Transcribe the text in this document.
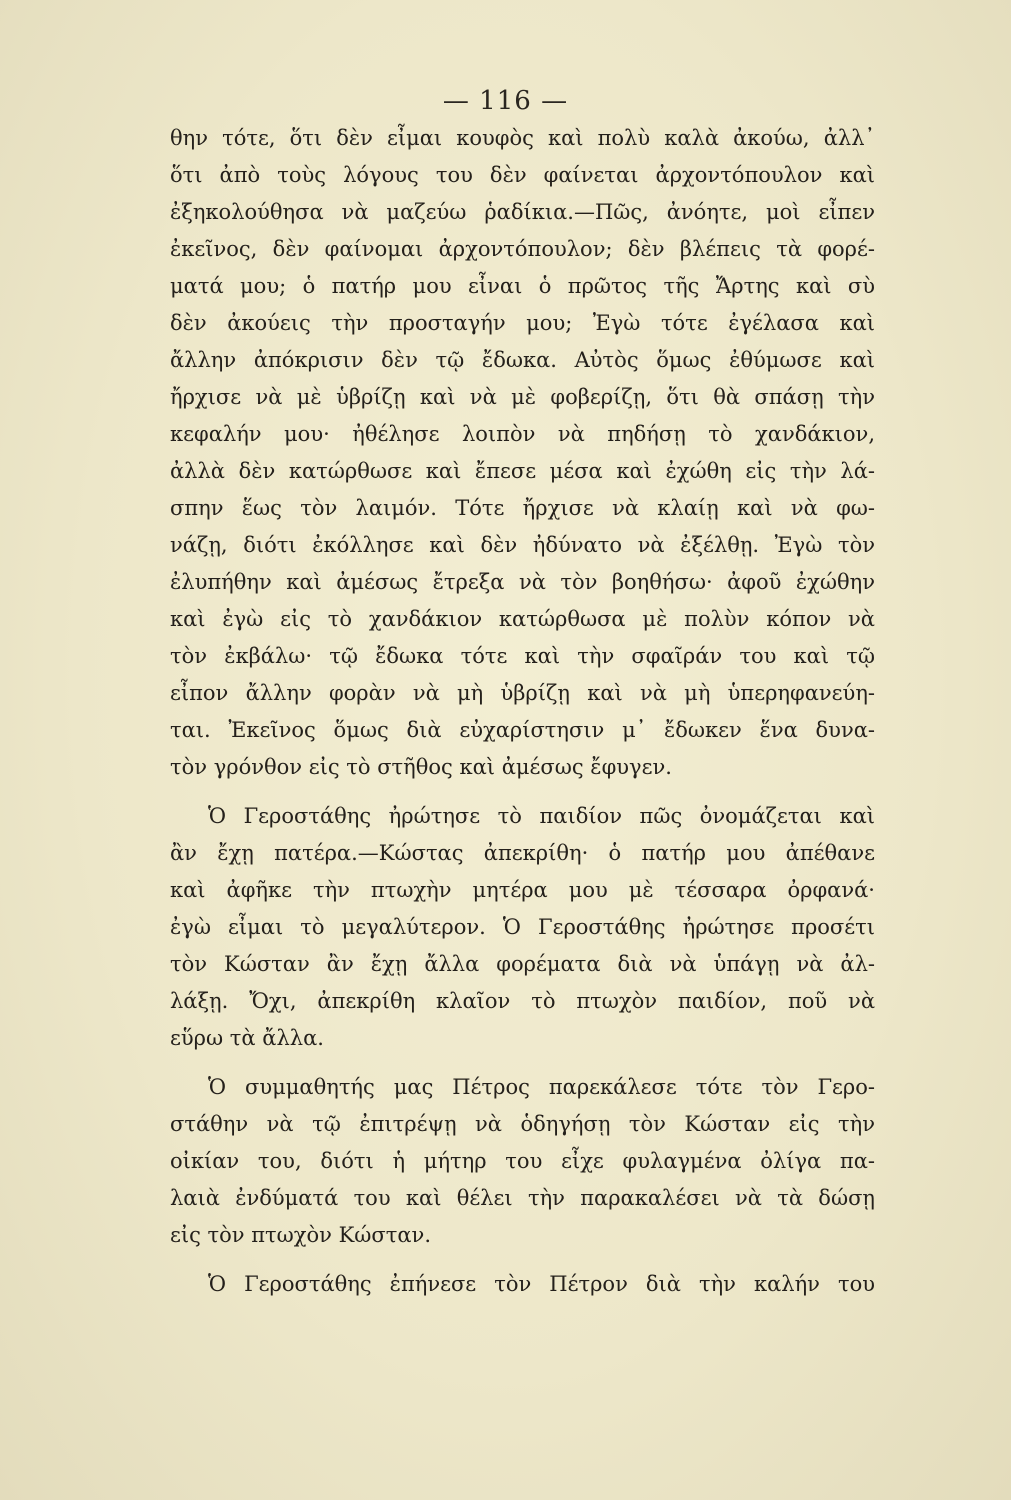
— 116 —
θην τότε, ὅτι δὲν εἶμαι κουφὸς καὶ πολὺ καλὰ ἀκούω, ἀλλ᾽
ὅτι ἀπὸ τοὺς λόγους του δὲν φαίνεται ἀρχοντόπουλον καὶ
ἐξηκολούθησα νὰ μαζεύω ῥαδίκια.—Πῶς, ἀνόητε, μοὶ εἶπεν
ἐκεῖνος, δὲν φαίνομαι ἀρχοντόπουλον; δὲν βλέπεις τὰ φορέ-
ματά μου; ὁ πατήρ μου εἶναι ὁ πρῶτος τῆς Ἄρτης καὶ σὺ
δὲν ἀκούεις τὴν προσταγήν μου; Ἐγὼ τότε ἐγέλασα καὶ
ἄλλην ἀπόκρισιν δὲν τῷ ἔδωκα. Αὐτὸς ὅμως ἐθύμωσε καὶ
ἤρχισε νὰ μὲ ὑβρίζῃ καὶ νὰ μὲ φοβερίζῃ, ὅτι θὰ σπάσῃ τὴν
κεφαλήν μου· ἠθέλησε λοιπὸν νὰ πηδήσῃ τὸ χανδάκιον,
ἀλλὰ δὲν κατώρθωσε καὶ ἔπεσε μέσα καὶ ἐχώθη εἰς τὴν λά-
σπην ἕως τὸν λαιμόν. Τότε ἤρχισε νὰ κλαίῃ καὶ νὰ φω-
νάζῃ, διότι ἐκόλλησε καὶ δὲν ἠδύνατο νὰ ἐξέλθῃ. Ἐγὼ τὸν
ἐλυπήθην καὶ ἀμέσως ἔτρεξα νὰ τὸν βοηθήσω· ἀφοῦ ἐχώθην
καὶ ἐγὼ εἰς τὸ χανδάκιον κατώρθωσα μὲ πολὺν κόπον νὰ
τὸν ἐκβάλω· τῷ ἔδωκα τότε καὶ τὴν σφαῖράν του καὶ τῷ
εἶπον ἄλλην φορὰν νὰ μὴ ὑβρίζῃ καὶ νὰ μὴ ὑπερηφανεύη-
ται. Ἐκεῖνος ὅμως διὰ εὐχαρίστησιν μ᾽ ἔδωκεν ἕνα δυνα-
τὸν γρόνθον εἰς τὸ στῆθος καὶ ἀμέσως ἔφυγεν.
Ὁ Γεροστάθης ἠρώτησε τὸ παιδίον πῶς ὀνομάζεται καὶ
ἂν ἔχῃ πατέρα.—Κώστας ἀπεκρίθη· ὁ πατήρ μου ἀπέθανε
καὶ ἀφῆκε τὴν πτωχὴν μητέρα μου μὲ τέσσαρα ὀρφανά·
ἐγὼ εἶμαι τὸ μεγαλύτερον. Ὁ Γεροστάθης ἠρώτησε προσέτι
τὸν Κώσταν ἂν ἔχῃ ἄλλα φορέματα διὰ νὰ ὑπάγῃ νὰ ἀλ-
λάξῃ. Ὄχι, ἀπεκρίθη κλαῖον τὸ πτωχὸν παιδίον, ποῦ νὰ
εὕρω τὰ ἄλλα.
Ὁ συμμαθητής μας Πέτρος παρεκάλεσε τότε τὸν Γερο-
στάθην νὰ τῷ ἐπιτρέψῃ νὰ ὁδηγήσῃ τὸν Κώσταν εἰς τὴν
οἰκίαν του, διότι ἡ μήτηρ του εἶχε φυλαγμένα ὀλίγα πα-
λαιὰ ἐνδύματά του καὶ θέλει τὴν παρακαλέσει νὰ τὰ δώσῃ
εἰς τὸν πτωχὸν Κώσταν.
Ὁ Γεροστάθης ἐπήνεσε τὸν Πέτρον διὰ τὴν καλήν του
